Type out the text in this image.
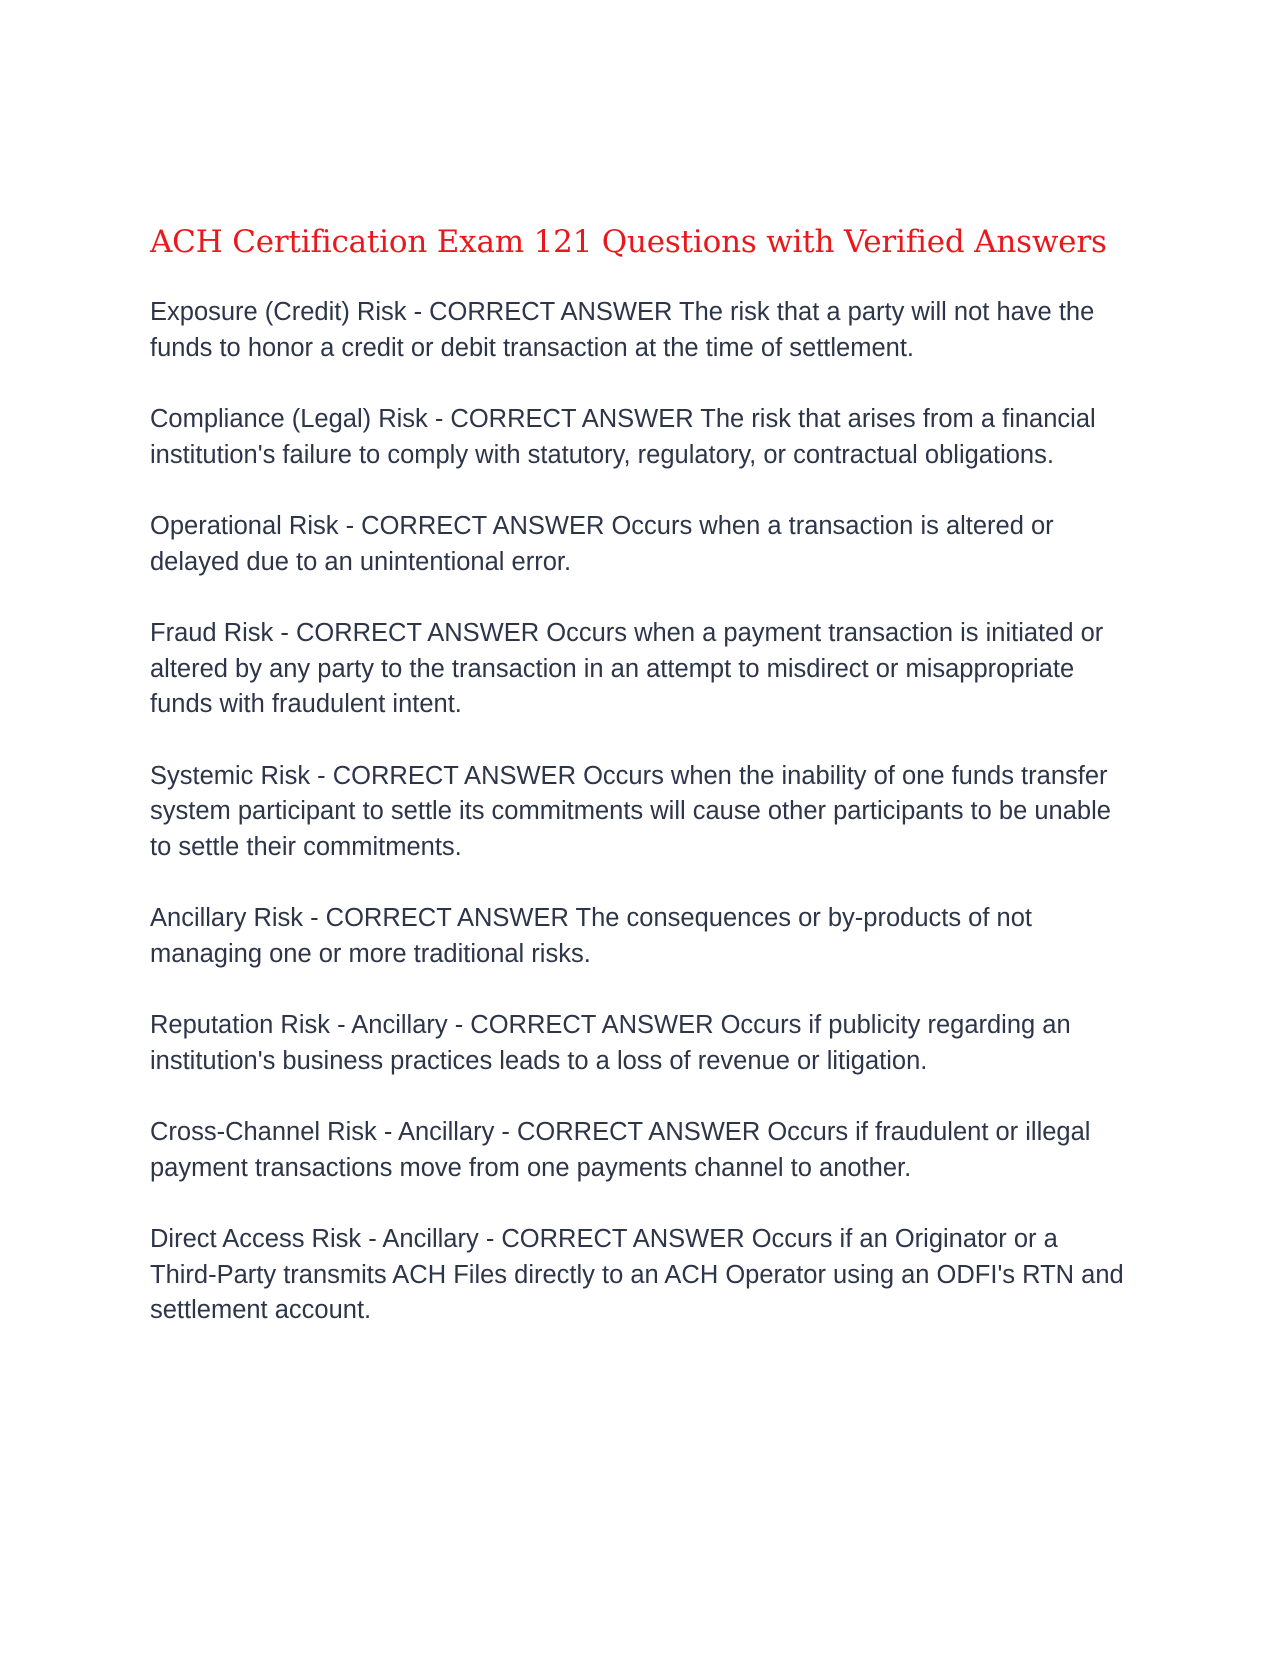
ACH Certification Exam 121 Questions with Verified Answers

Exposure (Credit) Risk - CORRECT ANSWER The risk that a party will not have the funds to honor a credit or debit transaction at the time of settlement.

Compliance (Legal) Risk - CORRECT ANSWER The risk that arises from a financial institution's failure to comply with statutory, regulatory, or contractual obligations.

Operational Risk - CORRECT ANSWER Occurs when a transaction is altered or delayed due to an unintentional error.

Fraud Risk - CORRECT ANSWER Occurs when a payment transaction is initiated or altered by any party to the transaction in an attempt to misdirect or misappropriate funds with fraudulent intent.

Systemic Risk - CORRECT ANSWER Occurs when the inability of one funds transfer system participant to settle its commitments will cause other participants to be unable to settle their commitments.

Ancillary Risk - CORRECT ANSWER The consequences or by-products of not managing one or more traditional risks.

Reputation Risk - Ancillary - CORRECT ANSWER Occurs if publicity regarding an institution's business practices leads to a loss of revenue or litigation.

Cross-Channel Risk - Ancillary - CORRECT ANSWER Occurs if fraudulent or illegal payment transactions move from one payments channel to another.

Direct Access Risk - Ancillary - CORRECT ANSWER Occurs if an Originator or a Third-Party transmits ACH Files directly to an ACH Operator using an ODFI's RTN and settlement account.
